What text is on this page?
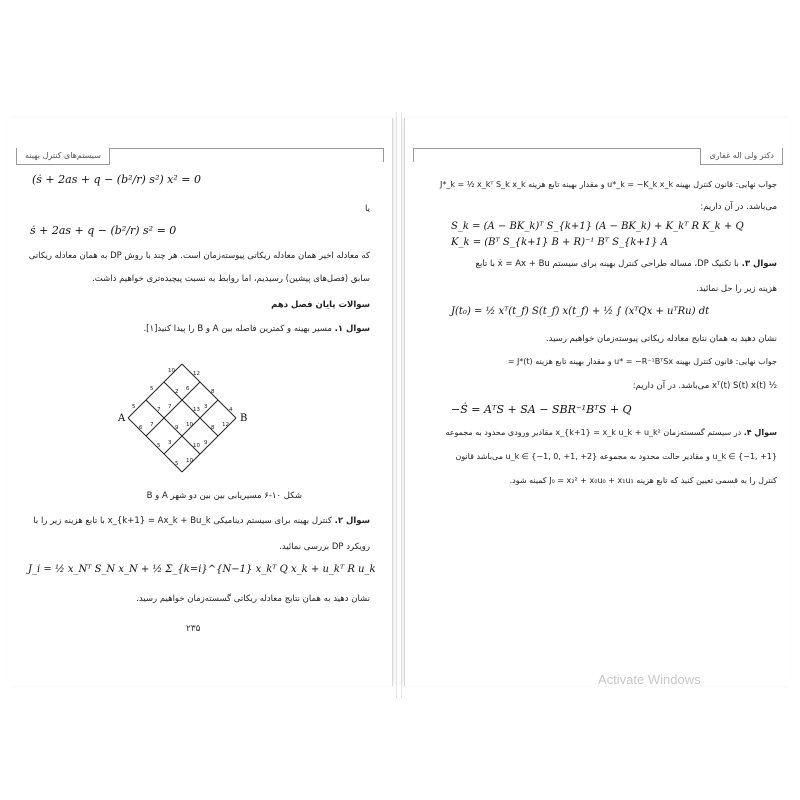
سیستم‌های کنترل بهینه
(ṡ + 2as + q − (b²/r) s²) x² = 0
یا
ṡ + 2as + q − (b²/r) s² = 0
که معادله اخیر همان معادله ریکاتی پیوسته‌زمان است. هر چند با روش DP به همان معادله ریکاتی
سابق (فصل‌های پیشین) رسیدیم، اما روابط به نسبت پیچیده‌تری خواهیم داشت.
سوالات پایان فصل دهم
سوال ۱. مسیر بهینه و کمترین فاصله بین A و B را پیدا کنید[۱].
A	B
5
5
10
7
7
6
3
10
3
10
9
12
6
5
5
7
9
10
2
13
8
12
8
4
شکل ۱۰-۶ مسیریابی بین بین دو شهر A و B
سوال ۲. کنترل بهینه برای سیستم دینامیکی x_{k+1} = Ax_k + Bu_k با تابع هزینه زیر را با
رویکرد DP بررسی نمائید.
J_i = ½ x_Nᵀ S_N x_N + ½ Σ_{k=i}^{N−1} x_kᵀ Q x_k + u_kᵀ R u_k
نشان دهید به همان نتایج معادله ریکاتی گسسته‌زمان خواهیم رسید.
۲۳۵
دکتر ولی اله غفاری
جواب نهایی: قانون کنترل بهینه u*_k = −K_k x_k و مقدار بهینه تابع هزینه J*_k = ½ x_kᵀ S_k x_k
می‌باشد. در آن داریم:
S_k = (A − BK_k)ᵀ S_{k+1} (A − BK_k) + K_kᵀ R K_k + Q
K_k = (Bᵀ S_{k+1} B + R)⁻¹ Bᵀ S_{k+1} A
سوال ۳. با تکنیک DP، مساله طراحی کنترل بهینه برای سیستم ẋ = Ax + Bu با تابع
هزینه زیر را حل نمائید.
J(t₀) = ½ xᵀ(t_f) S(t_f) x(t_f) + ½ ∫ (xᵀQx + uᵀRu) dt
نشان دهید به همان نتایج معادله ریکاتی پیوسته‌زمان خواهیم رسید.
جواب نهایی: قانون کنترل بهینه u* = −R⁻¹BᵀSx و مقدار بهینه تابع هزینه J*(t) =
½ xᵀ(t) S(t) x(t) می‌باشد. در آن داریم:
−Ṡ = AᵀS + SA − SBR⁻¹BᵀS + Q
سوال ۴. در سیستم گسسته‌زمان x_{k+1} = x_k u_k + u_k² مقادیر ورودی محدود به مجموعه
u_k ∈ {−1, +1} و مقادیر حالت محدود به مجموعه u_k ∈ {−1, 0, +1, +2} می‌باشد قانون
کنترل را به قسمی تعیین کنید که تابع هزینه J₀ = x₂² + x₀u₀ + x₁u₁ کمینه شود.
Activate Windows
